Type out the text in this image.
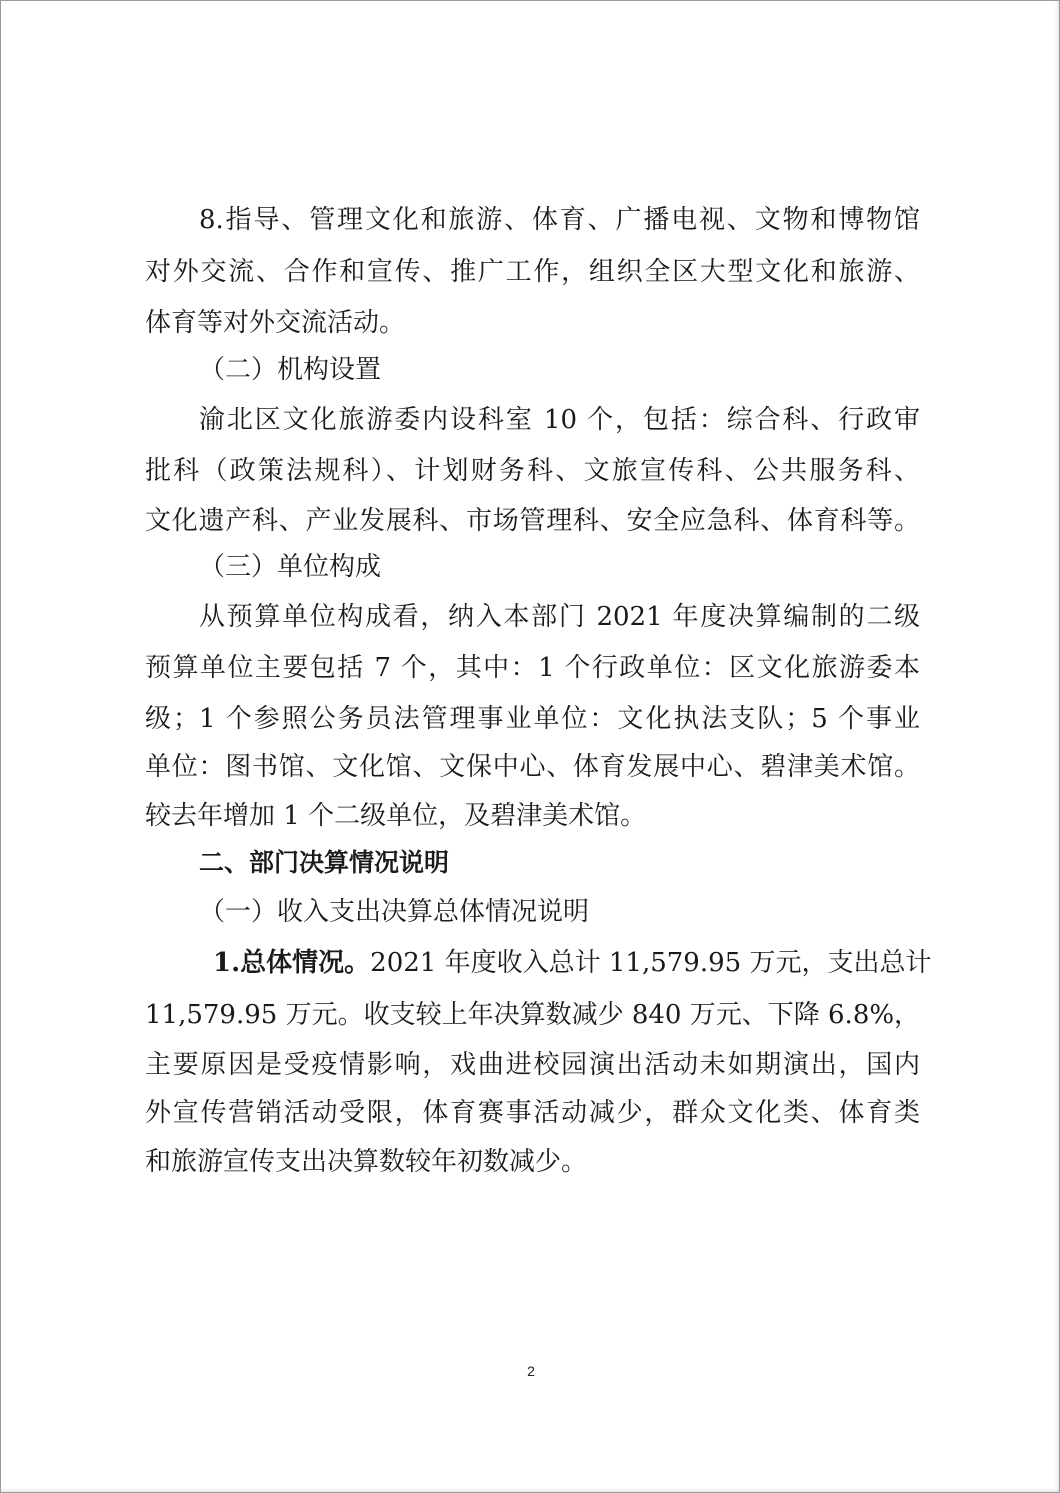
8.指导、管理文化和旅游、体育、广播电视、文物和博物馆
对外交流、合作和宣传、推广工作，组织全区大型文化和旅游、
体育等对外交流活动。
（二）机构设置
渝北区文化旅游委内设科室 10 个，包括：综合科、行政审
批科（政策法规科）、计划财务科、文旅宣传科、公共服务科、
文化遗产科、产业发展科、市场管理科、安全应急科、体育科等。
（三）单位构成
从预算单位构成看，纳入本部门 2021 年度决算编制的二级
预算单位主要包括 7 个，其中：1 个行政单位：区文化旅游委本
级；1 个参照公务员法管理事业单位：文化执法支队；5 个事业
单位：图书馆、文化馆、文保中心、体育发展中心、碧津美术馆。
较去年增加 1 个二级单位，及碧津美术馆。
二、部门决算情况说明
（一）收入支出决算总体情况说明
1.总体情况。2021 年度收入总计 11,579.95 万元，支出总计
11,579.95 万元。收支较上年决算数减少 840 万元、下降 6.8%，
主要原因是受疫情影响，戏曲进校园演出活动未如期演出，国内
外宣传营销活动受限，体育赛事活动减少，群众文化类、体育类
和旅游宣传支出决算数较年初数减少。
2
